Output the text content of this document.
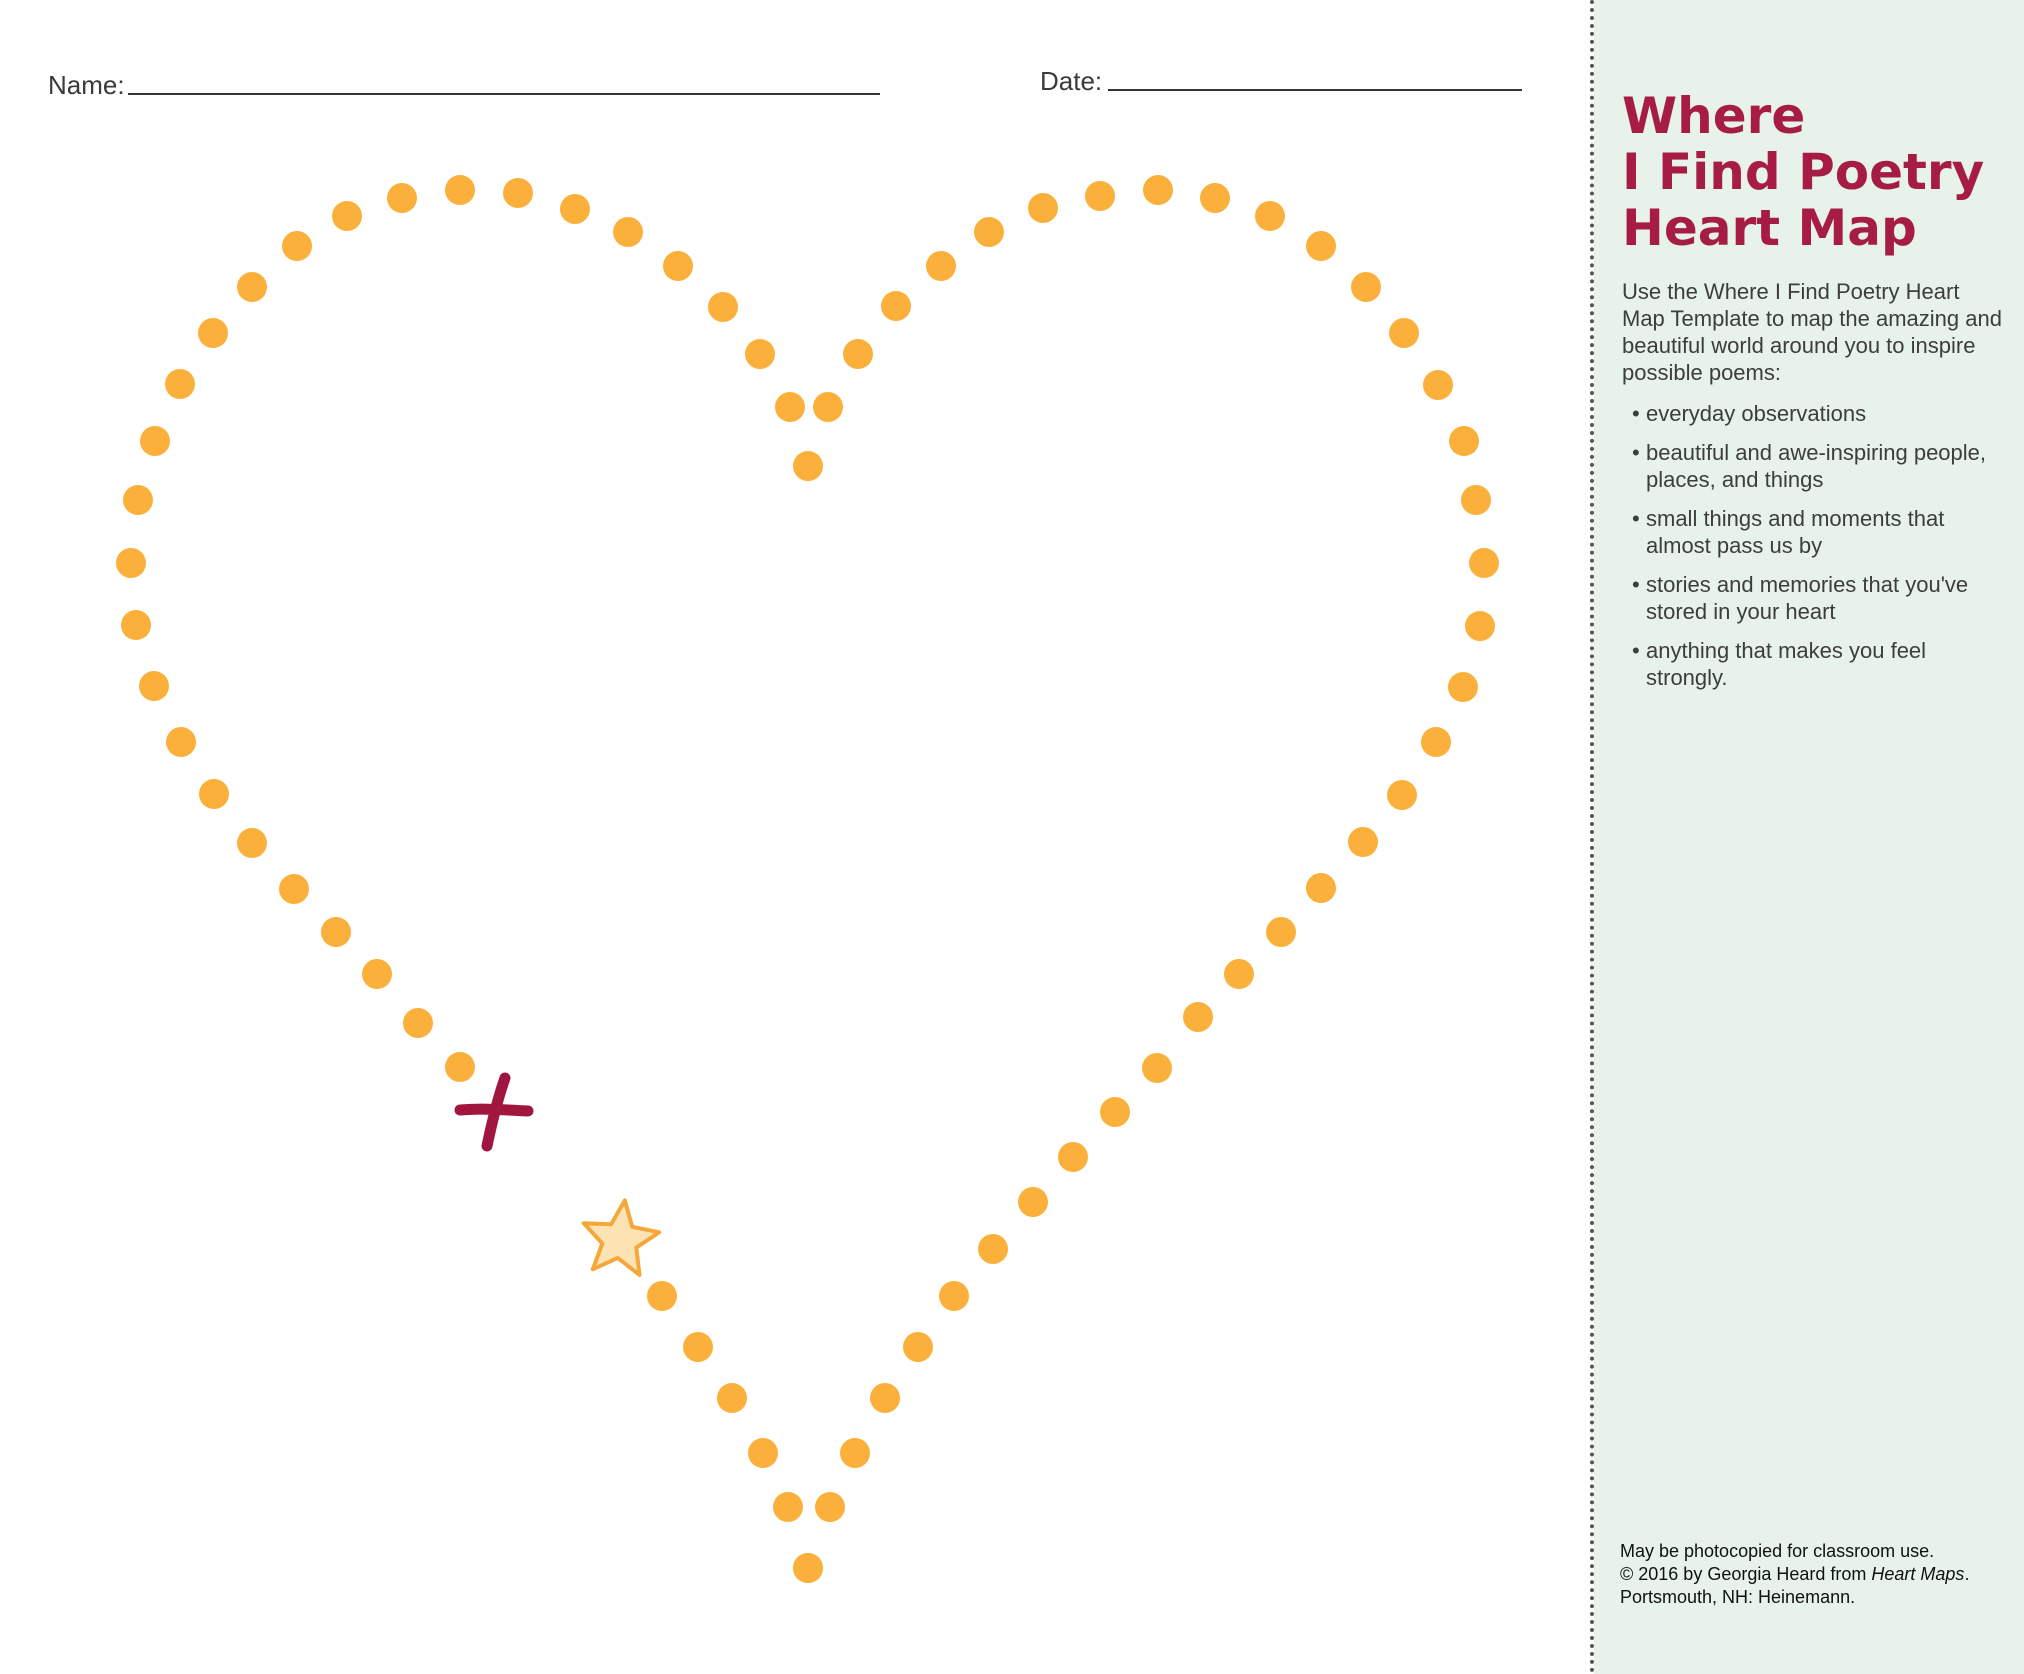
Name:	Date:
Where
I Find Poetry
Heart Map
Use the Where I Find Poetry Heart Map Template to map the amazing and beautiful world around you to inspire possible poems:
• everyday observations
• beautiful and awe-inspiring people, places, and things
• small things and moments that almost pass us by
• stories and memories that you've stored in your heart
• anything that makes you feel strongly.
May be photocopied for classroom use.
© 2016 by Georgia Heard from Heart Maps.
Portsmouth, NH: Heinemann.
